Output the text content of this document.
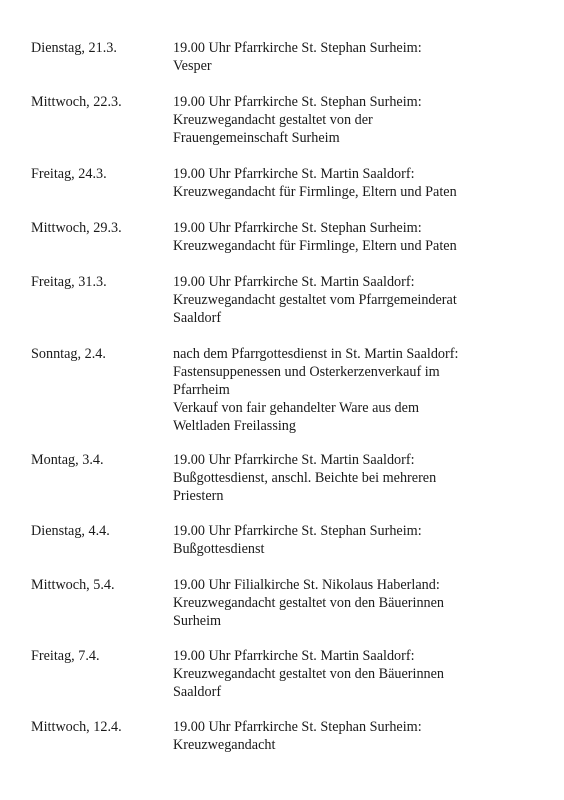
Dienstag, 21.3.	19.00 Uhr Pfarrkirche St. Stephan Surheim:
Vesper
Mittwoch, 22.3.	19.00 Uhr Pfarrkirche St. Stephan Surheim:
Kreuzwegandacht gestaltet von der
Frauengemeinschaft Surheim
Freitag, 24.3.	19.00 Uhr Pfarrkirche St. Martin Saaldorf:
Kreuzwegandacht für Firmlinge, Eltern und Paten
Mittwoch, 29.3.	19.00 Uhr Pfarrkirche St. Stephan Surheim:
Kreuzwegandacht für Firmlinge, Eltern und Paten
Freitag, 31.3.	19.00 Uhr Pfarrkirche St. Martin Saaldorf:
Kreuzwegandacht gestaltet vom Pfarrgemeinderat
Saaldorf
Sonntag, 2.4.	nach dem Pfarrgottesdienst in St. Martin Saaldorf:
Fastensuppenessen und Osterkerzenverkauf im
Pfarrheim
Verkauf von fair gehandelter Ware aus dem
Weltladen Freilassing
Montag, 3.4.	19.00 Uhr Pfarrkirche St. Martin Saaldorf:
Bußgottesdienst, anschl. Beichte bei mehreren
Priestern
Dienstag, 4.4.	19.00 Uhr Pfarrkirche St. Stephan Surheim:
Bußgottesdienst
Mittwoch, 5.4.	19.00 Uhr Filialkirche St. Nikolaus Haberland:
Kreuzwegandacht gestaltet von den Bäuerinnen
Surheim
Freitag, 7.4.	19.00 Uhr Pfarrkirche St. Martin Saaldorf:
Kreuzwegandacht gestaltet von den Bäuerinnen
Saaldorf
Mittwoch, 12.4.	19.00 Uhr Pfarrkirche St. Stephan Surheim:
Kreuzwegandacht
